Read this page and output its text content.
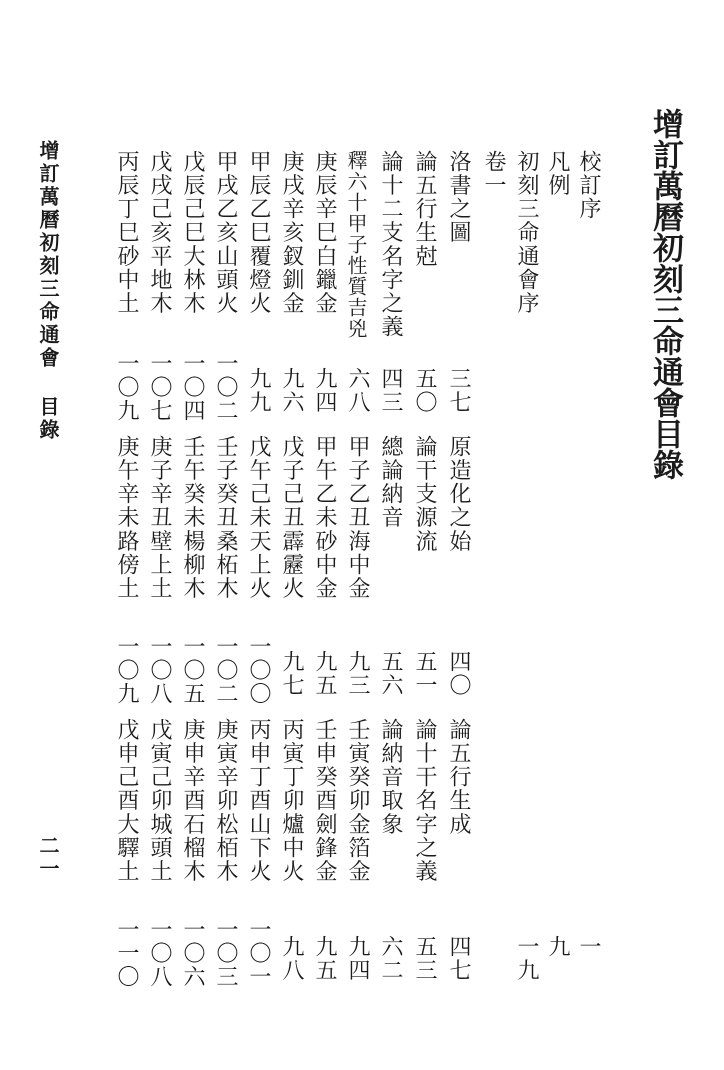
增訂萬曆初刻三命通會目錄
校訂序
一
凡例
九
初刻三命通會序
一九
卷一
洛書之圖
三七
原造化之始
四〇
論五行生成
四七
論五行生尅
五〇
論干支源流
五一
論十干名字之義
五三
論十二支名字之義
四三
總論納音
五六
論納音取象
六二
釋六十甲子性質吉兇
六八
甲子乙丑海中金
九三
壬寅癸卯金箔金
九四
庚辰辛巳白鑞金
九四
甲午乙未砂中金
九五
壬申癸酉劍鋒金
九五
庚戌辛亥釵釧金
九六
戊子己丑霹靂火
九七
丙寅丁卯爐中火
九八
甲辰乙巳覆燈火
九九
戊午己未天上火
一〇〇
丙申丁酉山下火
一〇一
甲戌乙亥山頭火
一〇二
壬子癸丑桑柘木
一〇二
庚寅辛卯松栢木
一〇三
戊辰己巳大林木
一〇四
壬午癸未楊柳木
一〇五
庚申辛酉石榴木
一〇六
戊戌己亥平地木
一〇七
庚子辛丑壁上土
一〇八
戊寅己卯城頭土
一〇八
丙辰丁巳砂中土
一〇九
庚午辛未路傍土
一〇九
戊申己酉大驛土
一一〇
增訂萬曆初刻三命通會目錄
二一
